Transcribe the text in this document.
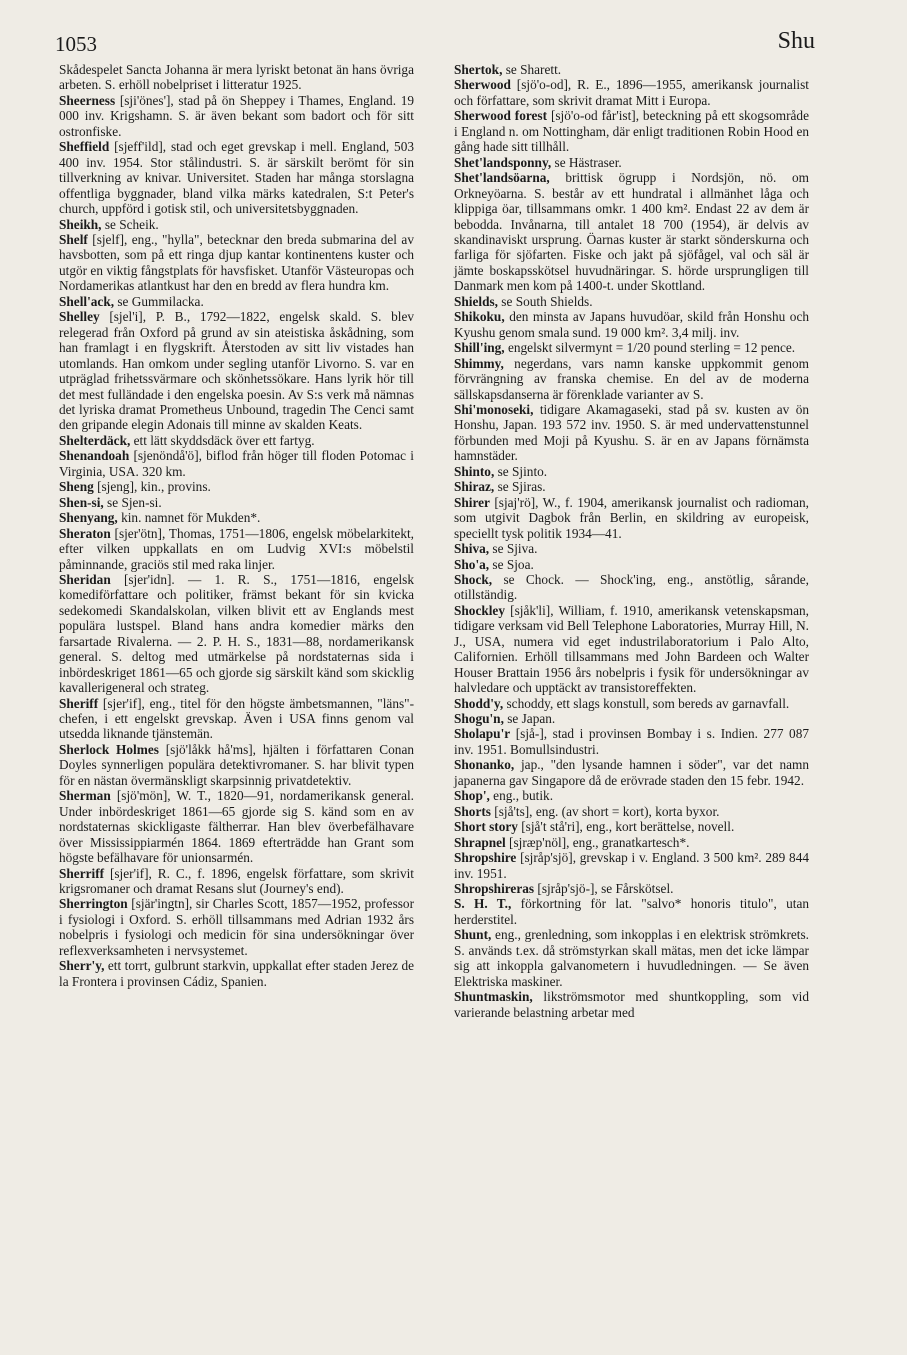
1053	Shu

Skådespelet Sancta Johanna är mera lyriskt betonat än hans övriga arbeten. S. erhöll nobelpriset i litteratur 1925.

Sheerness [sji'önes'], stad på ön Sheppey i Thames, England. 19 000 inv. Krigshamn. S. är även bekant som badort och för sitt ostronfiske.

Sheffield [sjeff'ild], stad och eget grevskap i mell. England, 503 400 inv. 1954. Stor stålindustri. S. är särskilt berömt för sin tillverkning av knivar. Universitet. Staden har många storslagna offentliga byggnader, bland vilka märks katedralen, S:t Peter's church, uppförd i gotisk stil, och universitetsbyggnaden.

Sheikh, se Scheik.

Shelf [sjelf], eng., "hylla", betecknar den breda submarina del av havsbotten, som på ett ringa djup kantar kontinentens kuster och utgör en viktig fångstplats för havsfisket. Utanför Västeuropas och Nordamerikas atlantkust har den en bredd av flera hundra km.

Shell'ack, se Gummilacka.

Shelley [sjel'i], P. B., 1792—1822, engelsk skald. S. blev relegerad från Oxford på grund av sin ateistiska åskådning, som han framlagt i en flygskrift. Återstoden av sitt liv vistades han utomlands. Han omkom under segling utanför Livorno. S. var en utpräglad frihetssvärmare och skönhetssökare. Hans lyrik hör till det mest fulländade i den engelska poesin. Av S:s verk må nämnas det lyriska dramat Prometheus Unbound, tragedin The Cenci samt den gripande elegin Adonais till minne av skalden Keats.

Shelterdäck, ett lätt skyddsdäck över ett fartyg.

Shenandoah [sjenöndå'ö], biflod från höger till floden Potomac i Virginia, USA. 320 km.

Sheng [sjeng], kin., provins.

Shen-si, se Sjen-si.

Shenyang, kin. namnet för Mukden*.

Sheraton [sjer'ötn], Thomas, 1751—1806, engelsk möbelarkitekt, efter vilken uppkallats en om Ludvig XVI:s möbelstil påminnande, graciös stil med raka linjer.

Sheridan [sjer'idn]. — 1. R. S., 1751—1816, engelsk komediförfattare och politiker, främst bekant för sin kvicka sedekomedi Skandalskolan, vilken blivit ett av Englands mest populära lustspel. Bland hans andra komedier märks den farsartade Rivalerna. — 2. P. H. S., 1831—88, nordamerikansk general. S. deltog med utmärkelse på nordstaternas sida i inbördeskriget 1861—65 och gjorde sig särskilt känd som skicklig kavallerigeneral och strateg.

Sheriff [sjer'if], eng., titel för den högste ämbetsmannen, "läns"-chefen, i ett engelskt grevskap. Även i USA finns genom val utsedda liknande tjänstemän.

Sherlock Holmes [sjö'låkk hå'ms], hjälten i författaren Conan Doyles synnerligen populära detektivromaner. S. har blivit typen för en nästan övermänskligt skarpsinnig privatdetektiv.

Sherman [sjö'mön], W. T., 1820—91, nordamerikansk general. Under inbördeskriget 1861—65 gjorde sig S. känd som en av nordstaternas skickligaste fältherrar. Han blev överbefälhavare över Mississippiarmén 1864. 1869 efterträdde han Grant som högste befälhavare för unionsarmén.

Sherriff [sjer'if], R. C., f. 1896, engelsk författare, som skrivit krigsromaner och dramat Resans slut (Journey's end).

Sherrington [sjär'ingtn], sir Charles Scott, 1857—1952, professor i fysiologi i Oxford. S. erhöll tillsammans med Adrian 1932 års nobelpris i fysiologi och medicin för sina undersökningar över reflexverksamheten i nervsystemet.

Sherr'y, ett torrt, gulbrunt starkvin, uppkallat efter staden Jerez de la Frontera i provinsen Cádiz, Spanien.

Shertok, se Sharett.

Sherwood [sjö'o-od], R. E., 1896—1955, amerikansk journalist och författare, som skrivit dramat Mitt i Europa.

Sherwood forest [sjö'o-od får'ist], beteckning på ett skogsområde i England n. om Nottingham, där enligt traditionen Robin Hood en gång hade sitt tillhåll.

Shet'landsponny, se Hästraser.

Shet'landsöarna, brittisk ögrupp i Nordsjön, nö. om Orkneyöarna. S. består av ett hundratal i allmänhet låga och klippiga öar, tillsammans omkr. 1 400 km². Endast 22 av dem är bebodda. Invånarna, till antalet 18 700 (1954), är delvis av skandinaviskt ursprung. Öarnas kuster är starkt sönderskurna och farliga för sjöfarten. Fiske och jakt på sjöfågel, val och säl är jämte boskapsskötsel huvudnäringar. S. hörde ursprungligen till Danmark men kom på 1400-t. under Skottland.

Shields, se South Shields.

Shikoku, den minsta av Japans huvudöar, skild från Honshu och Kyushu genom smala sund. 19 000 km². 3,4 milj. inv.

Shill'ing, engelskt silvermynt = 1/20 pound sterling = 12 pence.

Shimmy, negerdans, vars namn kanske uppkommit genom förvrängning av franska chemise. En del av de moderna sällskapsdanserna är förenklade varianter av S.

Shi'monoseki, tidigare Akamagaseki, stad på sv. kusten av ön Honshu, Japan. 193 572 inv. 1950. S. är med undervattenstunnel förbunden med Moji på Kyushu. S. är en av Japans förnämsta hamnstäder.

Shinto, se Sjinto.

Shiraz, se Sjiras.

Shirer [sjaj'rö], W., f. 1904, amerikansk journalist och radioman, som utgivit Dagbok från Berlin, en skildring av europeisk, speciellt tysk politik 1934—41.

Shiva, se Sjiva.

Sho'a, se Sjoa.

Shock, se Chock. — Shock'ing, eng., anstötlig, sårande, otillständig.

Shockley [sjåk'li], William, f. 1910, amerikansk vetenskapsman, tidigare verksam vid Bell Telephone Laboratories, Murray Hill, N. J., USA, numera vid eget industrilaboratorium i Palo Alto, Californien. Erhöll tillsammans med John Bardeen och Walter Houser Brattain 1956 års nobelpris i fysik för undersökningar av halvledare och upptäckt av transistoreffekten.

Shodd'y, schoddy, ett slags konstull, som bereds av garnavfall.

Shogu'n, se Japan.

Sholapu'r [sjå-], stad i provinsen Bombay i s. Indien. 277 087 inv. 1951. Bomullsindustri.

Shonanko, jap., "den lysande hamnen i söder", var det namn japanerna gav Singapore då de erövrade staden den 15 febr. 1942.

Shop', eng., butik.

Shorts [sjå'ts], eng. (av short = kort), korta byxor.

Short story [sjå't stå'ri], eng., kort berättelse, novell.

Shrapnel [sjræp'nöl], eng., granatkartesch*.

Shropshire [sjråp'sjö], grevskap i v. England. 3 500 km². 289 844 inv. 1951.

Shropshireras [sjråp'sjö-], se Fårskötsel.

S. H. T., förkortning för lat. "salvo* honoris titulo", utan herderstitel.

Shunt, eng., grenledning, som inkopplas i en elektrisk strömkrets. S. används t.ex. då strömstyrkan skall mätas, men det icke lämpar sig att inkoppla galvanometern i huvudledningen. — Se även Elektriska maskiner.

Shuntmaskin, likströmsmotor med shuntkoppling, som vid varierande belastning arbetar med
